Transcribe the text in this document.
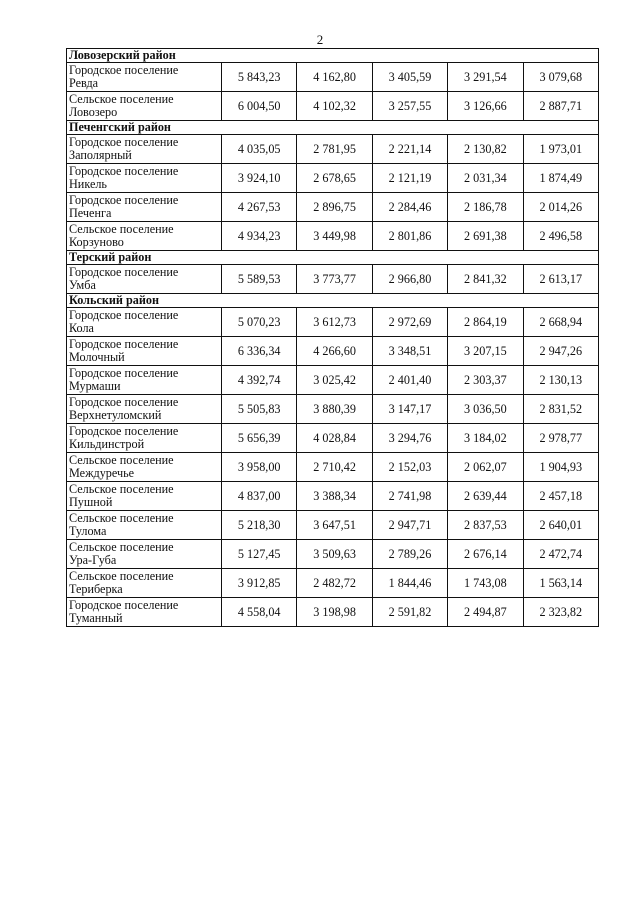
2
Ловозерский район					

Городское поселение
Ревда	5 843,23	4 162,80	3 405,59	3 291,54	3 079,68

Сельское поселение
Ловозеро	6 004,50	4 102,32	3 257,55	3 126,66	2 887,71
Печенгский район					

Городское поселение
Заполярный	4 035,05	2 781,95	2 221,14	2 130,82	1 973,01

Городское поселение
Никель	3 924,10	2 678,65	2 121,19	2 031,34	1 874,49

Городское поселение
Печенга	4 267,53	2 896,75	2 284,46	2 186,78	2 014,26

Сельское поселение
Корзуново	4 934,23	3 449,98	2 801,86	2 691,38	2 496,58
Терский район					

Городское поселение
Умба	5 589,53	3 773,77	2 966,80	2 841,32	2 613,17
Кольский район					

Городское поселение
Кола	5 070,23	3 612,73	2 972,69	2 864,19	2 668,94

Городское поселение
Молочный	6 336,34	4 266,60	3 348,51	3 207,15	2 947,26

Городское поселение
Мурмаши	4 392,74	3 025,42	2 401,40	2 303,37	2 130,13

Городское поселение
Верхнетуломский	5 505,83	3 880,39	3 147,17	3 036,50	2 831,52

Городское поселение
Кильдинстрой	5 656,39	4 028,84	3 294,76	3 184,02	2 978,77

Сельское поселение
Междуречье	3 958,00	2 710,42	2 152,03	2 062,07	1 904,93

Сельское поселение
Пушной	4 837,00	3 388,34	2 741,98	2 639,44	2 457,18

Сельское поселение
Тулома	5 218,30	3 647,51	2 947,71	2 837,53	2 640,01

Сельское поселение
Ура-Губа	5 127,45	3 509,63	2 789,26	2 676,14	2 472,74

Сельское поселение
Териберка	3 912,85	2 482,72	1 844,46	1 743,08	1 563,14

Городское поселение
Туманный	4 558,04	3 198,98	2 591,82	2 494,87	2 323,82
